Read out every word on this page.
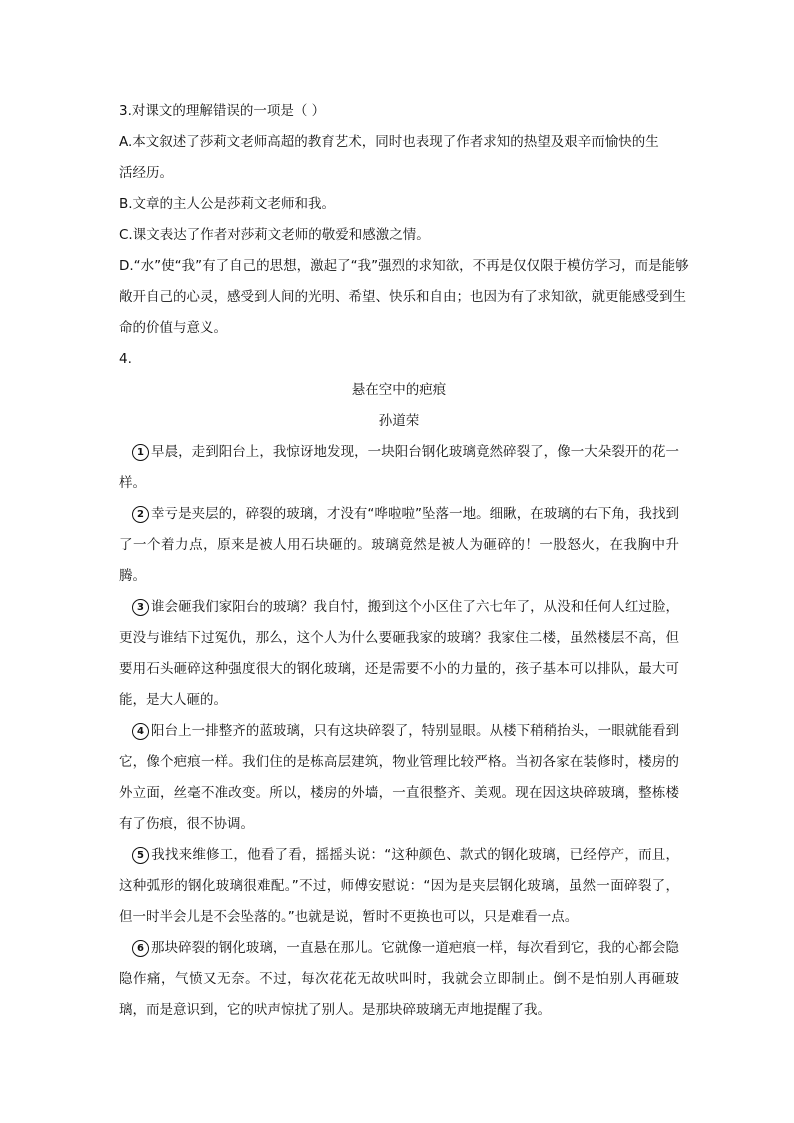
3.对课文的理解错误的一项是（ ）

A.本文叙述了莎莉文老师高超的教育艺术，同时也表现了作者求知的热望及艰辛而愉快的生

活经历。

B.文章的主人公是莎莉文老师和我。

C.课文表达了作者对莎莉文老师的敬爱和感激之情。

D.“水”使“我”有了自己的思想，激起了“我”强烈的求知欲，不再是仅仅限于模仿学习，而是能够

敞开自己的心灵，感受到人间的光明、希望、快乐和自由；也因为有了求知欲，就更能感受到生

命的价值与意义。

4.

悬在空中的疤痕

孙道荣

1 早晨，走到阳台上，我惊讶地发现，一块阳台钢化玻璃竟然碎裂了，像一大朵裂开的花一样。

2 幸亏是夹层的，碎裂的玻璃，才没有“哗啦啦”坠落一地。细瞅，在玻璃的右下角，我找到了一个着力点，原来是被人用石块砸的。玻璃竟然是被人为砸碎的！一股怒火，在我胸中升腾。

3 谁会砸我们家阳台的玻璃？我自忖，搬到这个小区住了六七年了，从没和任何人红过脸，更没与谁结下过冤仇，那么，这个人为什么要砸我家的玻璃？我家住二楼，虽然楼层不高，但要用石头砸碎这种强度很大的钢化玻璃，还是需要不小的力量的，孩子基本可以排队，最大可能，是大人砸的。

4 阳台上一排整齐的蓝玻璃，只有这块碎裂了，特别显眼。从楼下稍稍抬头，一眼就能看到它，像个疤痕一样。我们住的是栋高层建筑，物业管理比较严格。当初各家在装修时，楼房的外立面，丝毫不准改变。所以，楼房的外墙，一直很整齐、美观。现在因这块碎玻璃，整栋楼有了伤痕，很不协调。

5 我找来维修工，他看了看，摇摇头说：“这种颜色、款式的钢化玻璃，已经停产，而且，这种弧形的钢化玻璃很难配。”不过，师傅安慰说：“因为是夹层钢化玻璃，虽然一面碎裂了，但一时半会儿是不会坠落的。”也就是说，暂时不更换也可以，只是难看一点。

6 那块碎裂的钢化玻璃，一直悬在那儿。它就像一道疤痕一样，每次看到它，我的心都会隐隐作痛，气愤又无奈。不过，每次花花无故吠叫时，我就会立即制止。倒不是怕别人再砸玻璃，而是意识到，它的吠声惊扰了别人。是那块碎玻璃无声地提醒了我。
